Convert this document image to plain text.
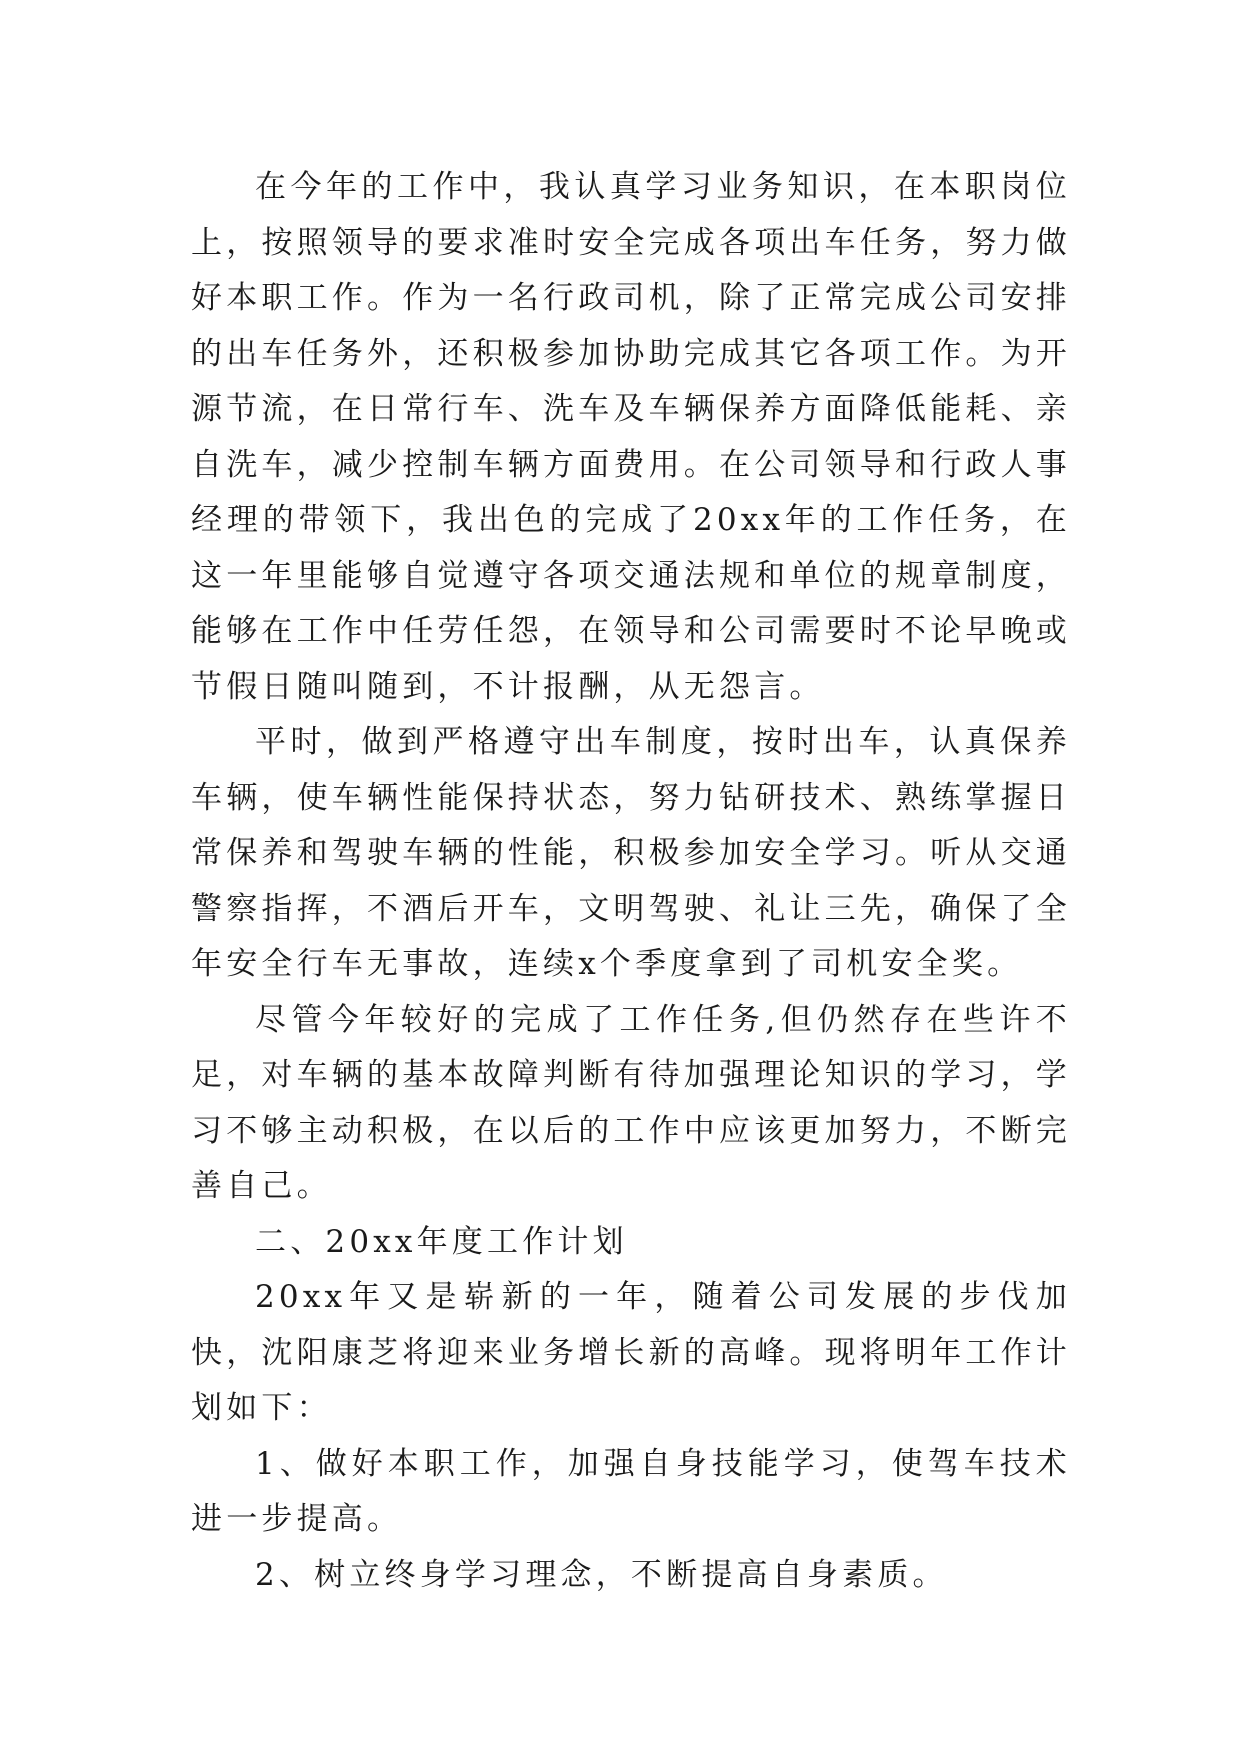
在今年的工作中，我认真学习业务知识，在本职岗位上，按照领导的要求准时安全完成各项出车任务，努力做好本职工作。作为一名行政司机，除了正常完成公司安排的出车任务外，还积极参加协助完成其它各项工作。为开源节流，在日常行车、洗车及车辆保养方面降低能耗、亲自洗车，减少控制车辆方面费用。在公司领导和行政人事经理的带领下，我出色的完成了20xx年的工作任务，在这一年里能够自觉遵守各项交通法规和单位的规章制度，能够在工作中任劳任怨，在领导和公司需要时不论早晚或节假日随叫随到，不计报酬，从无怨言。

平时，做到严格遵守出车制度，按时出车，认真保养车辆，使车辆性能保持状态，努力钻研技术、熟练掌握日常保养和驾驶车辆的性能，积极参加安全学习。听从交通警察指挥，不酒后开车，文明驾驶、礼让三先，确保了全年安全行车无事故，连续x个季度拿到了司机安全奖。

尽管今年较好的完成了工作任务,但仍然存在些许不足，对车辆的基本故障判断有待加强理论知识的学习，学习不够主动积极，在以后的工作中应该更加努力，不断完善自己。

二、20xx年度工作计划

20xx年又是崭新的一年，随着公司发展的步伐加快，沈阳康芝将迎来业务增长新的高峰。现将明年工作计划如下：

1、做好本职工作，加强自身技能学习，使驾车技术进一步提高。

2、树立终身学习理念，不断提高自身素质。
